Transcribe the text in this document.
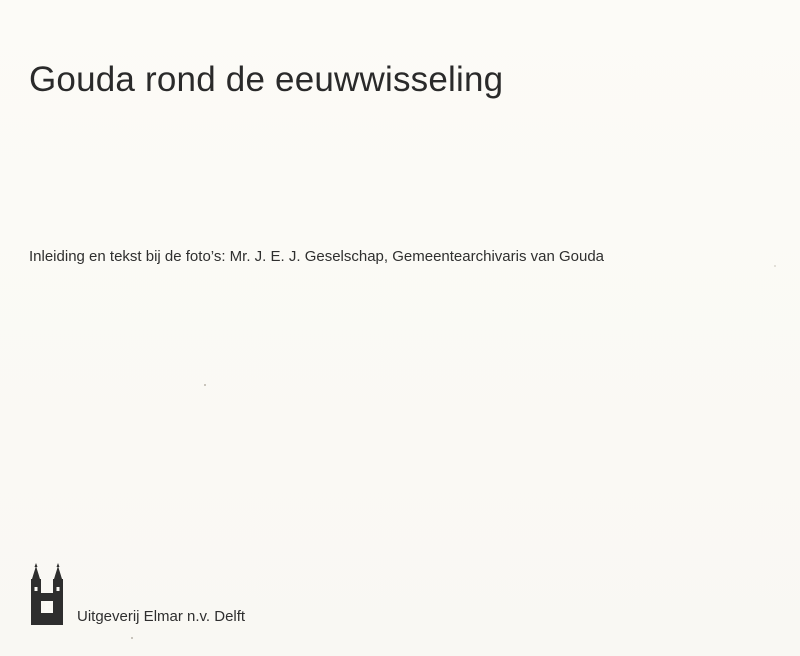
Gouda rond de eeuwwisseling

Inleiding en tekst bij de foto’s: Mr. J. E. J. Geselschap, Gemeentearchivaris van Gouda

Uitgeverij Elmar n.v. Delft
